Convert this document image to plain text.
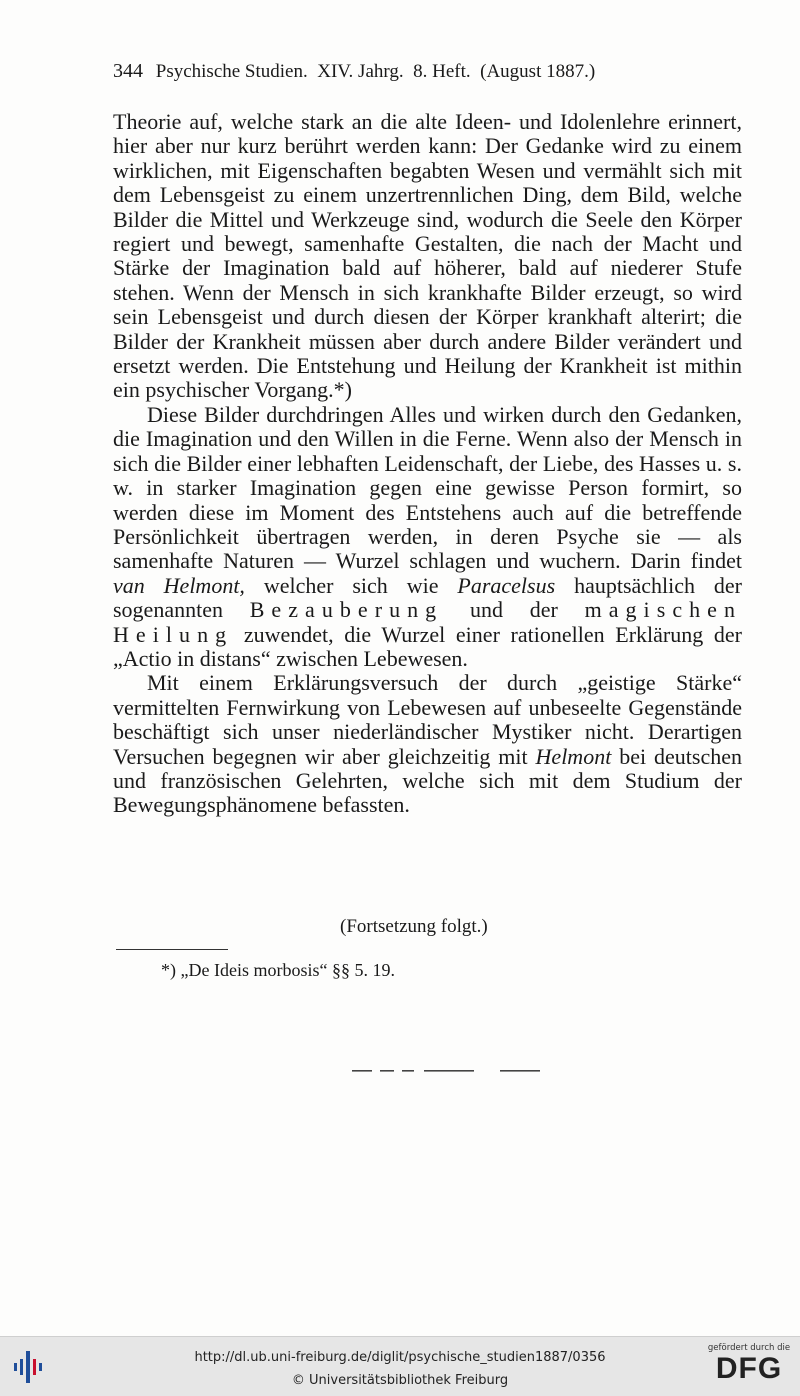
344 Psychische Studien.  XIV. Jahrg.  8. Heft.  (August 1887.)

Theorie auf, welche stark an die alte Ideen- und Idolenlehre erinnert, hier aber nur kurz berührt werden kann: Der Gedanke wird zu einem wirklichen, mit Eigenschaften begabten Wesen und vermählt sich mit dem Lebensgeist zu einem unzertrennlichen Ding, dem Bild, welche Bilder die Mittel und Werkzeuge sind, wodurch die Seele den Körper regiert und bewegt, samenhafte Gestalten, die nach der Macht und Stärke der Imagination bald auf höherer, bald auf niederer Stufe stehen. Wenn der Mensch in sich krankhafte Bilder erzeugt, so wird sein Lebensgeist und durch diesen der Körper krankhaft alterirt; die Bilder der Krankheit müssen aber durch andere Bilder verändert und ersetzt werden. Die Entstehung und Heilung der Krankheit ist mithin ein psychischer Vorgang.*)

Diese Bilder durchdringen Alles und wirken durch den Gedanken, die Imagination und den Willen in die Ferne. Wenn also der Mensch in sich die Bilder einer lebhaften Leidenschaft, der Liebe, des Hasses u. s. w. in starker Imagination gegen eine gewisse Person formirt, so werden diese im Moment des Entstehens auch auf die betreffende Persönlichkeit übertragen werden, in deren Psyche sie — als samenhafte Naturen — Wurzel schlagen und wuchern. Darin findet van Helmont, welcher sich wie Paracelsus hauptsächlich der sogenannten Bezauberung und der magischen Heilung zuwendet, die Wurzel einer rationellen Erklärung der „Actio in distans“ zwischen Lebewesen.

Mit einem Erklärungsversuch der durch „geistige Stärke“ vermittelten Fernwirkung von Lebewesen auf unbeseelte Gegenstände beschäftigt sich unser niederländischer Mystiker nicht. Derartigen Versuchen begegnen wir aber gleichzeitig mit Helmont bei deutschen und französischen Gelehrten, welche sich mit dem Studium der Bewegungsphänomene befassten.

(Fortsetzung folgt.)
*) „De Ideis morbosis“ §§ 5. 19.
http://dl.ub.uni-freiburg.de/diglit/psychische_studien1887/0356
© Universitätsbibliothek Freiburg
gefördert durch die
DFG
